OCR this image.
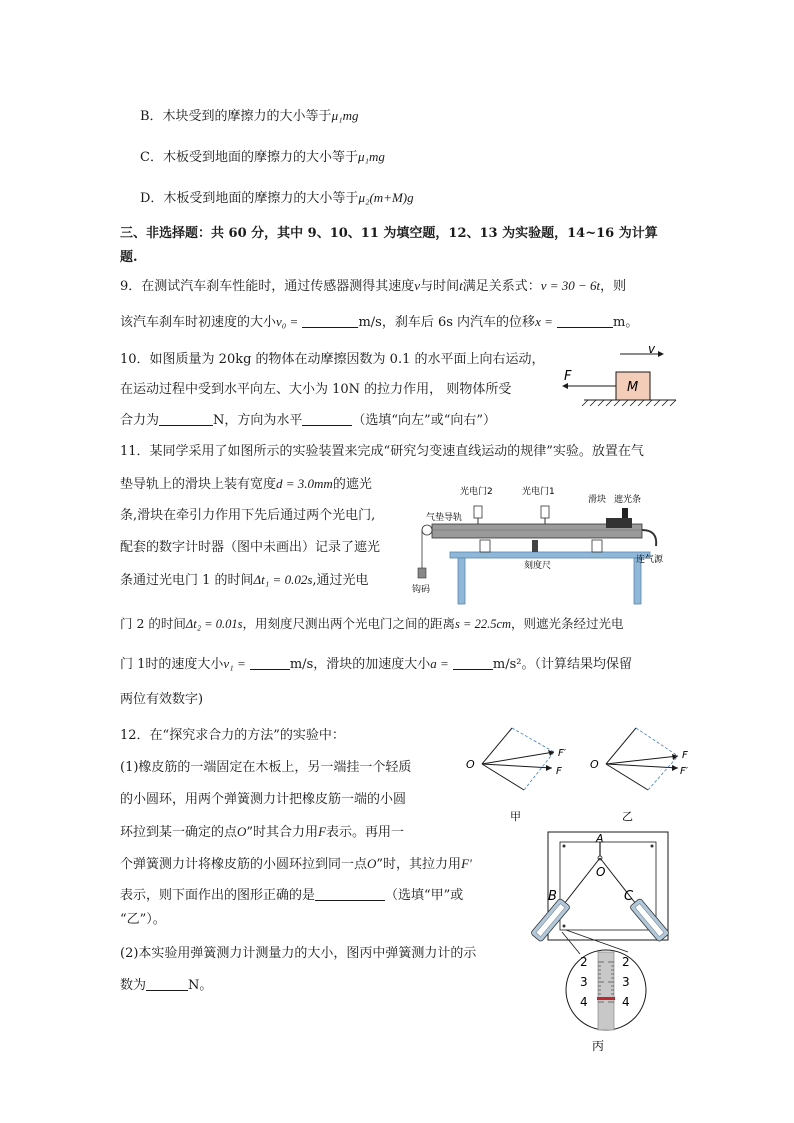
B．木块受到的摩擦力的大小等于μ₁mg
C．木板受到地面的摩擦力的大小等于μ₁mg
D．木板受到地面的摩擦力的大小等于μ₂(m+M)g
三、非选择题：共 60 分，其中 9、10、11 为填空题，12、13 为实验题，14~16 为计算
题.
9．在测试汽车刹车性能时，通过传感器测得其速度v与时间t满足关系式：v = 30 − 6t，则
该汽车刹车时初速度的大小v₀ =	m/s，刹车后 6s 内汽车的位移x =	m。
10．如图质量为 20kg 的物体在动摩擦因数为 0.1 的水平面上向右运动，
在运动过程中受到水平向左、大小为 10N 的拉力作用， 则物体所受
合力为	N，方向为水平	（选填“向左”或“向右”）
v
F
M
11．某同学采用了如图所示的实验装置来完成“研究匀变速直线运动的规律”实验。放置在气
垫导轨上的滑块上装有宽度d = 3.0mm的遮光
条,滑块在牵引力作用下先后通过两个光电门,
配套的数字计时器（图中未画出）记录了遮光
条通过光电门 1 的时间Δt₁ = 0.02s,通过光电
门 2 的时间Δt₂ = 0.01s，用刻度尺测出两个光电门之间的距离s = 22.5cm，则遮光条经过光电
门 1时的速度大小v₁ =	m/s，滑块的加速度大小a =	m/s²。（计算结果均保留
两位有效数字)
光电门2	光电门1
滑块 遮光条
气垫导轨
刻度尺
连气源
钩码
12．在“探究求合力的方法”的实验中：
(1)橡皮筋的一端固定在木板上，另一端挂一个轻质
的小圆环，用两个弹簧测力计把橡皮筋一端的小圆
环拉到某一确定的点O”时其合力用F表示。再用一
个弹簧测力计将橡皮筋的小圆环拉到同一点O”时，其拉力用F′
表示，则下面作出的图形正确的是	（选填“甲”或
“乙”）。
(2)本实验用弹簧测力计测量力的大小，图丙中弹簧测力计的示
数为	N。
O
F′
F
甲
O
F
F′
乙
A
O
B	C
2
3
4
2
3
4
丙
